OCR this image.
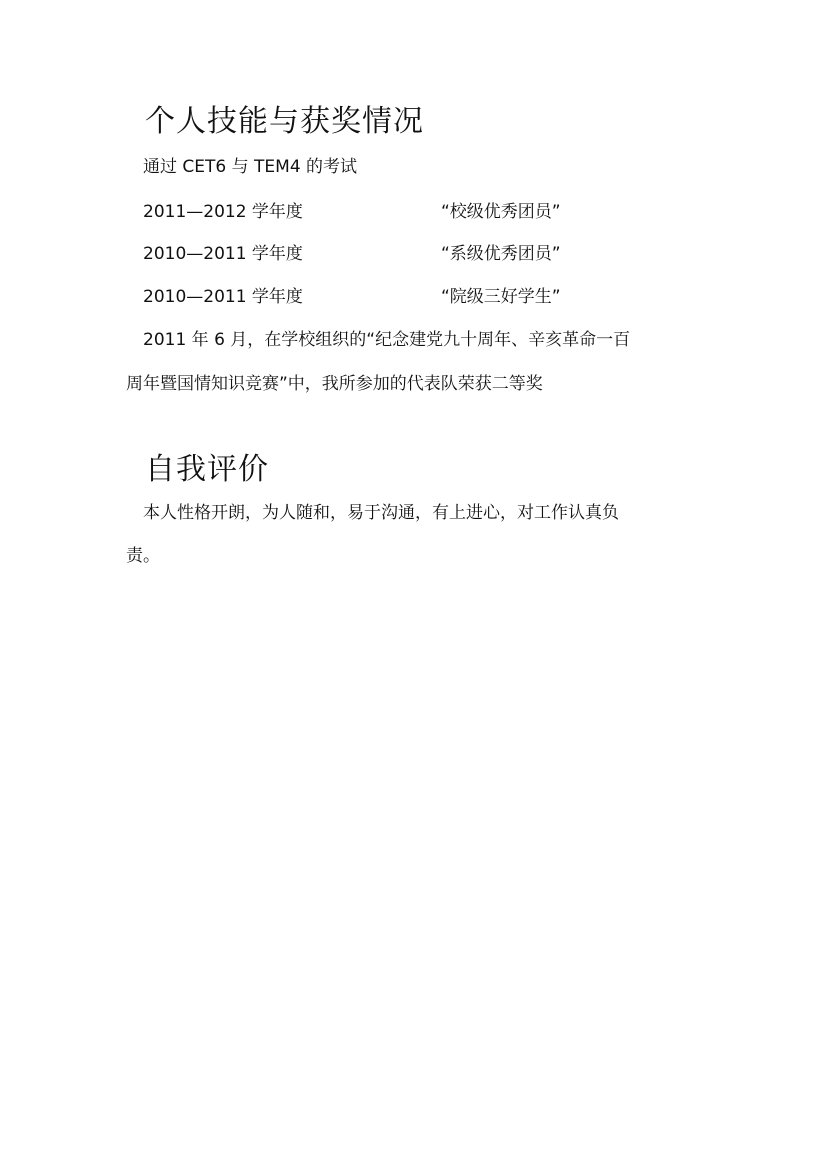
个人技能与获奖情况
通过 CET6 与 TEM4 的考试
2011—2012 学年度	“校级优秀团员”
2010—2011 学年度	“系级优秀团员”
2010—2011 学年度	“院级三好学生”
2011 年 6 月，在学校组织的“纪念建党九十周年、辛亥革命一百
周年暨国情知识竞赛”中，我所参加的代表队荣获二等奖
自我评价
本人性格开朗，为人随和，易于沟通，有上进心，对工作认真负
责。
